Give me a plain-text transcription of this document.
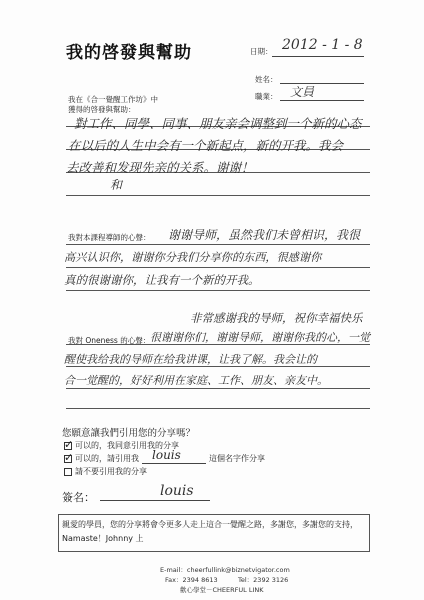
我的啓發與幫助	日期： 2012 - 1 - 8
姓名：
職業： 文員
我在《合一覺醒工作坊》中
獲得的啓發與幫助：
對工作、同學、同事、朋友亲会调整到一个新的心态
在以后的人生中会有一个新起点，新的开我。我会
去改善和发现先亲的关系。谢谢！
和
我對本課程導師的心聲： 谢谢导师，虽然我们未曾相识，我很
高兴认识你，谢谢你分我们分享你的东西，很感谢你
真的很谢谢你，让我有一个新的开我。
非常感谢我的导师，祝你幸福快乐
我對 Oneness 的心聲： 很谢谢你们，谢谢导师，谢谢你我的心，一觉
醒使我给我的导师在给我讲课，让我了解。我会让的
合一觉醒的，好好利用在家庭、工作、朋友、亲友中。
您願意讓我們引用您的分享嗎？
✓
可以的，我同意引用我的分享
✓
可以的，請引用我 louis	這個名字作分享
請不要引用我的分享
簽名：	louis
親愛的學員，您的分享將會令更多人走上這合一覺醒之路，多謝您，多謝您的支持，
Namaste！Johnny 上
E-mail：cheerfullink@biznetvigator.com
Fax：2394 8613	Tel：2392 3126
歡心學堂－CHEERFUL LINK
